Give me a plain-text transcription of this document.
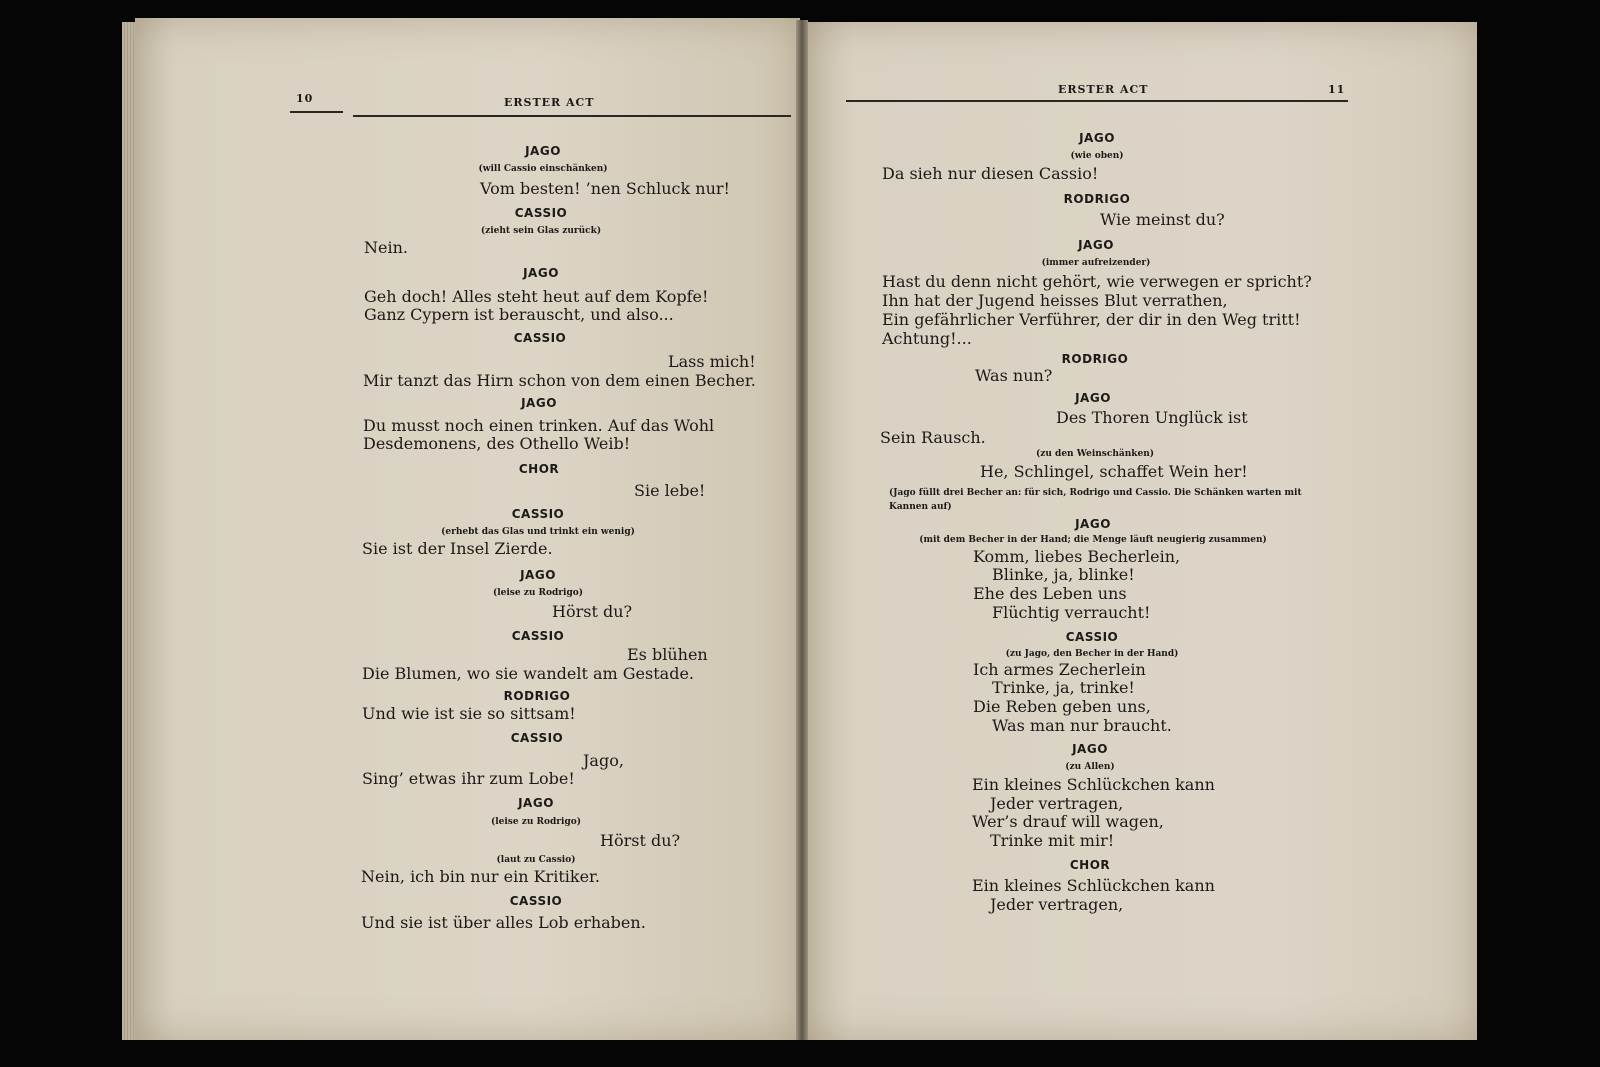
10	ERSTER ACT
ERSTER ACT	11
JAGO
(will Cassio einschänken)
Vom besten! ’nen Schluck nur!
CASSIO
(zieht sein Glas zurück)
Nein.
JAGO
Geh doch! Alles steht heut auf dem Kopfe!
Ganz Cypern ist berauscht, und also...
CASSIO
Lass mich!
Mir tanzt das Hirn schon von dem einen Becher.
JAGO
Du musst noch einen trinken. Auf das Wohl
Desdemonens, des Othello Weib!
CHOR
Sie lebe!
CASSIO
(erhebt das Glas und trinkt ein wenig)
Sie ist der Insel Zierde.
JAGO
(leise zu Rodrigo)
Hörst du?
CASSIO
Es blühen
Die Blumen, wo sie wandelt am Gestade.
RODRIGO
Und wie ist sie so sittsam!
CASSIO
Jago,
Sing’ etwas ihr zum Lobe!
JAGO
(leise zu Rodrigo)
Hörst du?
(laut zu Cassio)
Nein, ich bin nur ein Kritiker.
CASSIO
Und sie ist über alles Lob erhaben.
JAGO
(wie oben)
Da sieh nur diesen Cassio!
RODRIGO
Wie meinst du?
JAGO
(immer aufreizender)
Hast du denn nicht gehört, wie verwegen er spricht?
Ihn hat der Jugend heisses Blut verrathen,
Ein gefährlicher Verführer, der dir in den Weg tritt!
Achtung!...
RODRIGO
Was nun?
JAGO
Des Thoren Unglück ist
Sein Rausch.
(zu den Weinschänken)
He, Schlingel, schaffet Wein her!
(Jago füllt drei Becher an: für sich, Rodrigo und Cassio. Die Schänken warten mit
Kannen auf)
JAGO
(mit dem Becher in der Hand; die Menge läuft neugierig zusammen)
Komm, liebes Becherlein,
Blinke, ja, blinke!
Ehe des Leben uns
Flüchtig verraucht!
CASSIO
(zu Jago, den Becher in der Hand)
Ich armes Zecherlein
Trinke, ja, trinke!
Die Reben geben uns,
Was man nur braucht.
JAGO
(zu Allen)
Ein kleines Schlückchen kann
Jeder vertragen,
Wer’s drauf will wagen,
Trinke mit mir!
CHOR
Ein kleines Schlückchen kann
Jeder vertragen,
